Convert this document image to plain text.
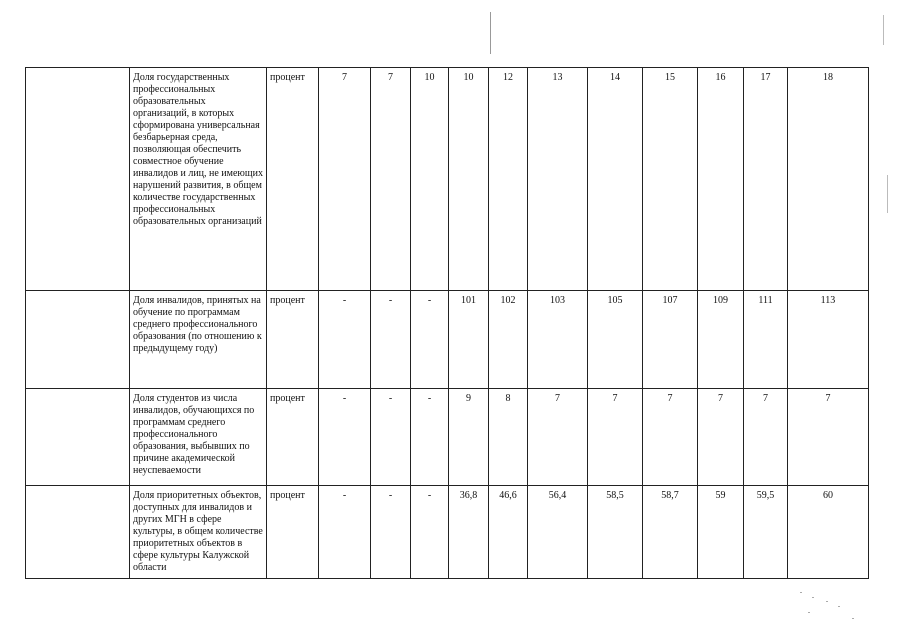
	Доля государственных профессиональных образовательных организаций, в которых сформирована универсальная безбарьерная среда, позволяющая обеспечить совместное обучение инвалидов и лиц, не имеющих нарушений развития, в общем количестве государственных профессиональных образовательных организаций	процент	7	7	10	10	12	13	14	15	16	17	18	
	Доля инвалидов, принятых на обучение по программам среднего профессионального образования (по отношению к предыдущему году)	процент	-	-	-	101	102	103	105	107	109	111	113	
	Доля студентов из числа инвалидов, обучающихся по программам среднего профессионального образования, выбывших по причине академической неуспеваемости	процент	-	-	-	9	8	7	7	7	7	7	7	
	Доля приоритетных объектов, доступных для инвалидов и других МГН в сфере культуры, в общем количестве приоритетных объектов в сфере культуры Калужской области	процент	-	-	-	36,8	46,6	56,4	58,5	58,7	59	59,5	60	
